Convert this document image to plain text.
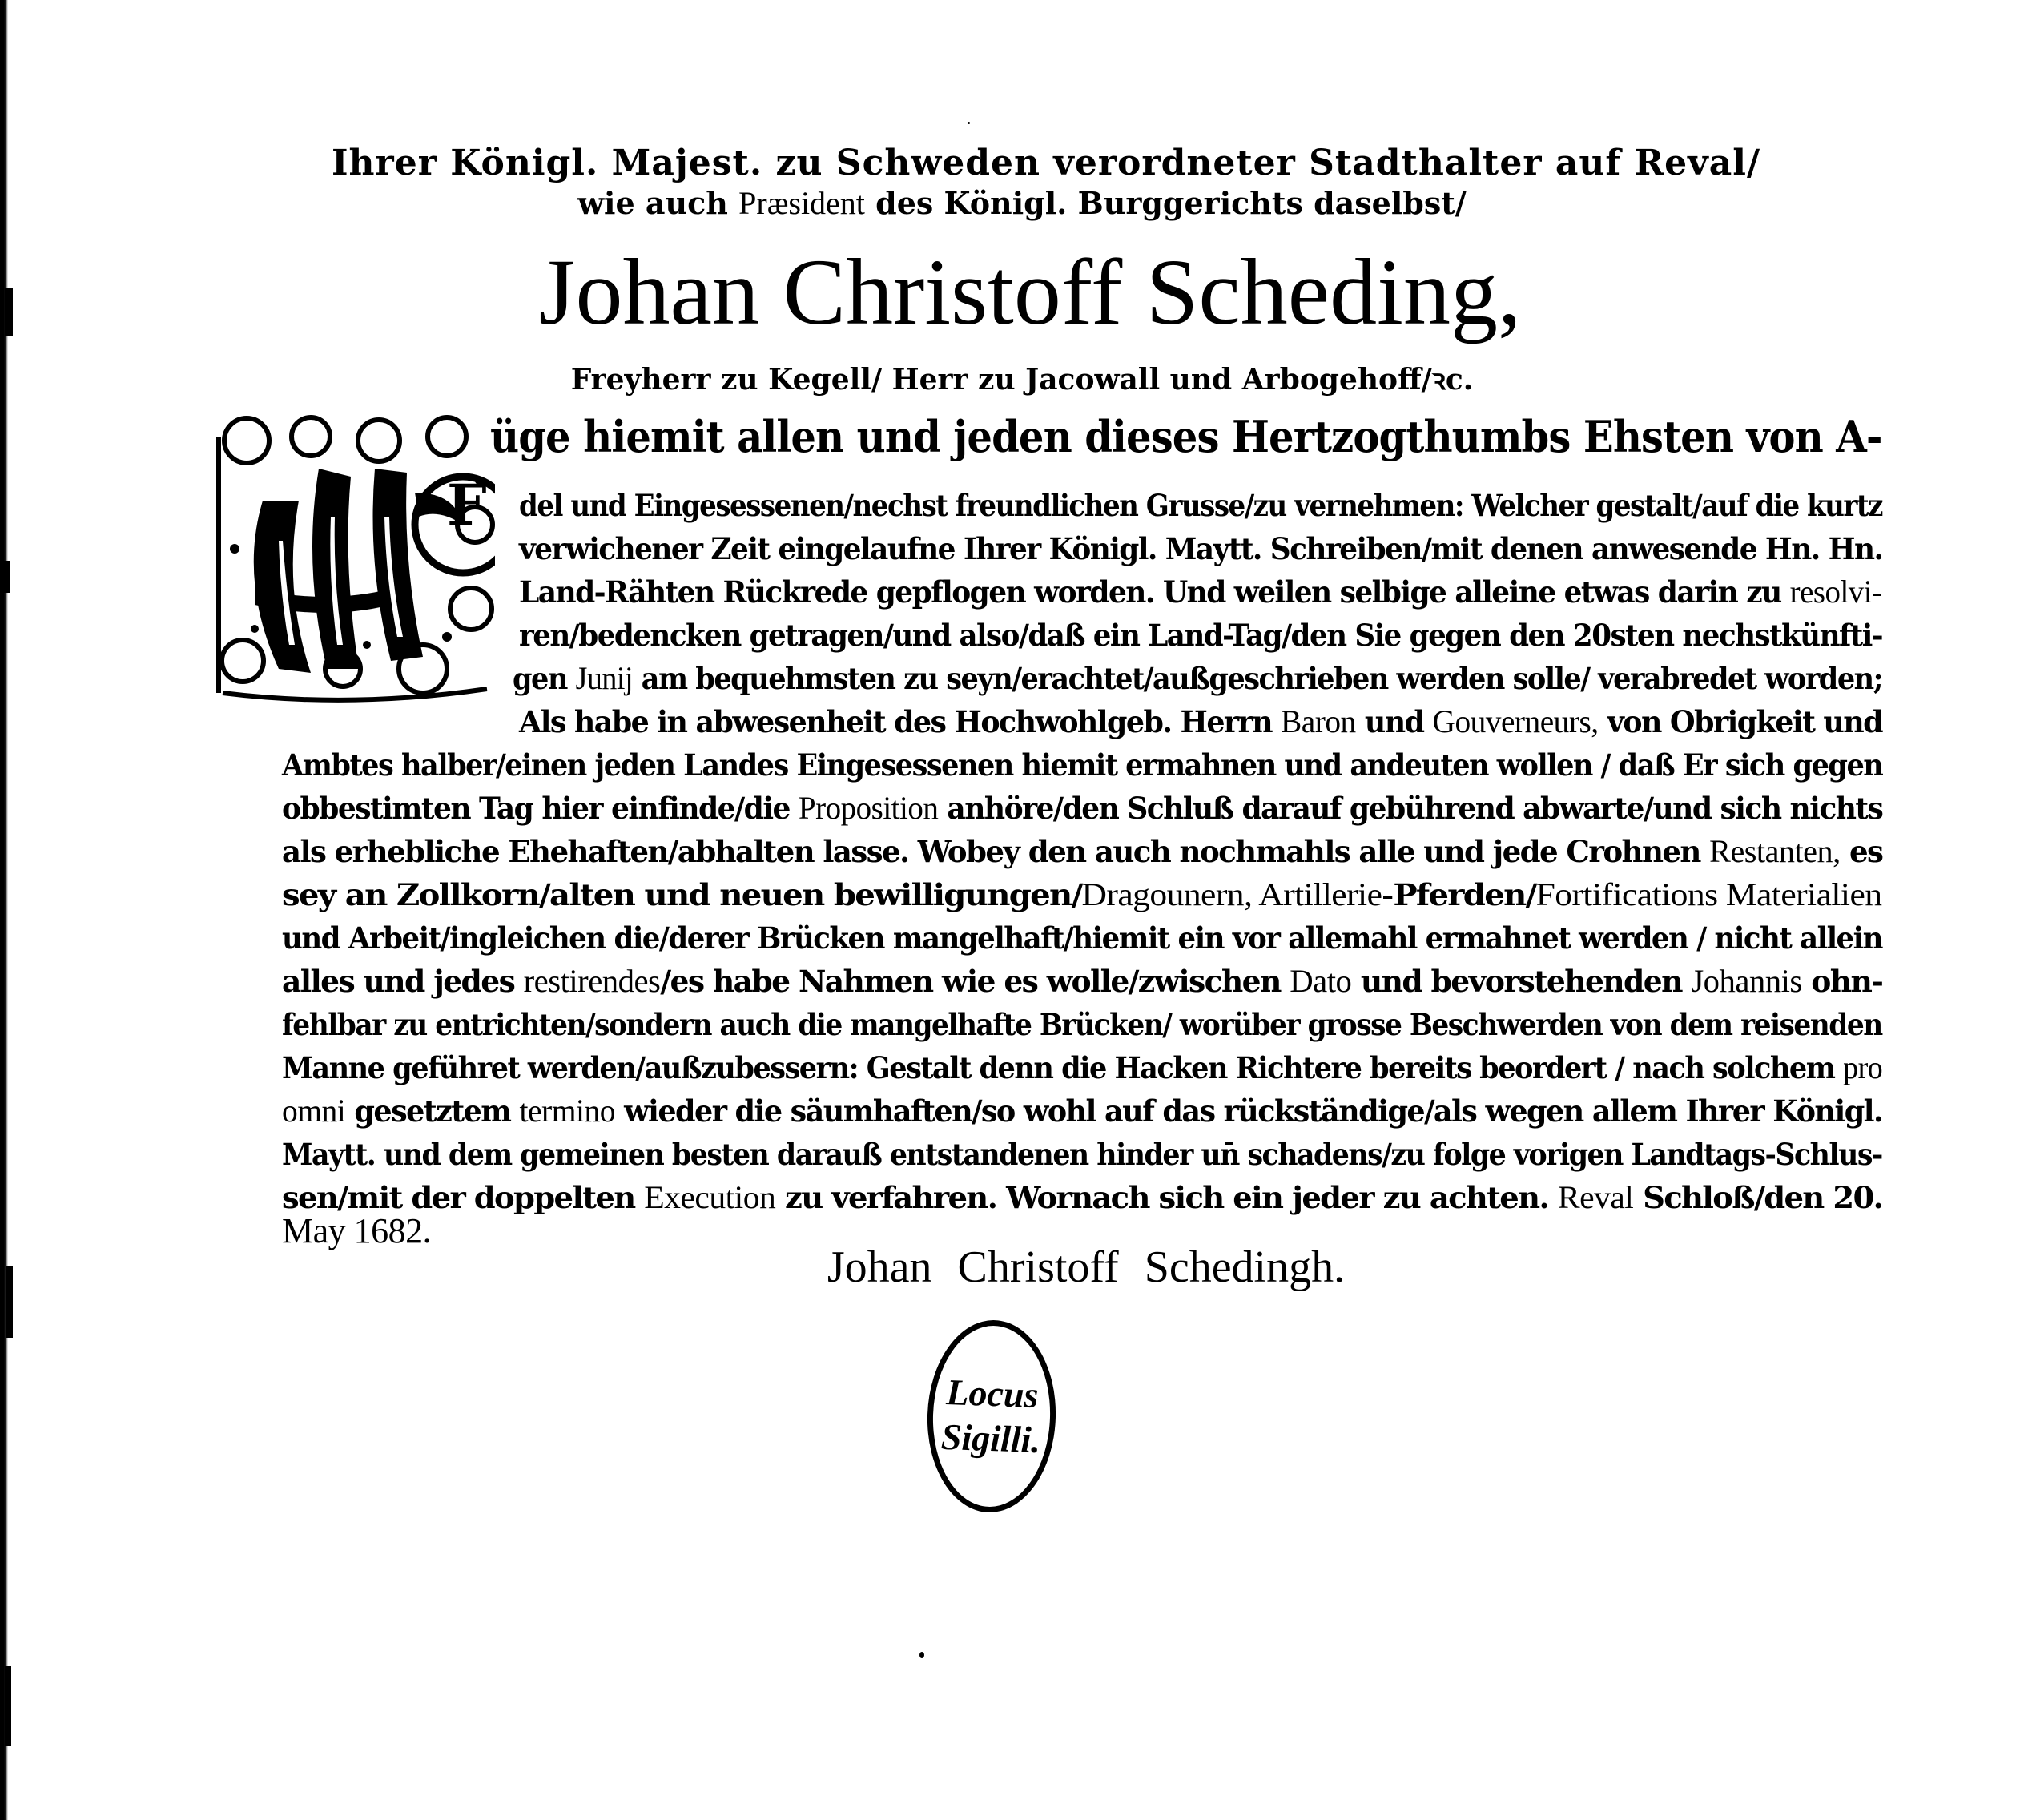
Ihrer Königl. Majest. zu Schweden verordneter Stadthalter auf Reval/
wie auch Præsident des Königl. Burggerichts daselbst/
Johan Christoff Scheding,
Freyherr zu Kegell/ Herr zu Jacowall und Arbogehoff/ꝛc.
F
üge hiemit allen und jeden dieses Hertzogthumbs Ehsten von A-
del und Eingesessenen/nechst freundlichen Grusse/zu vernehmen: Welcher gestalt/auf die kurtz
verwichener Zeit eingelaufne Ihrer Königl. Maytt. Schreiben/mit denen anwesende Hn. Hn.
Land-Rähten Rückrede gepflogen worden. Und weilen selbige alleine etwas darin zu resolvi-
ren/bedencken getragen/und also/daß ein Land-Tag/den Sie gegen den 20sten nechstkünfti-
gen Junij am bequehmsten zu seyn/erachtet/außgeschrieben werden solle/ verabredet worden;
Als habe in abwesenheit des Hochwohlgeb. Herrn Baron und Gouverneurs, von Obrigkeit und
Ambtes halber/einen jeden Landes Eingesessenen hiemit ermahnen und andeuten wollen / daß Er sich gegen
obbestimten Tag hier einfinde/die Proposition anhöre/den Schluß darauf gebührend abwarte/und sich nichts
als erhebliche Ehehaften/abhalten lasse. Wobey den auch nochmahls alle und jede Crohnen Restanten, es
sey an Zollkorn/alten und neuen bewilligungen/Dragounern, Artillerie-Pferden/Fortifications Materialien
und Arbeit/ingleichen die/derer Brücken mangelhaft/hiemit ein vor allemahl ermahnet werden / nicht allein
alles und jedes restirendes/es habe Nahmen wie es wolle/zwischen Dato und bevorstehenden Johannis ohn-
fehlbar zu entrichten/sondern auch die mangelhafte Brücken/ worüber grosse Beschwerden von dem reisenden
Manne geführet werden/außzubessern: Gestalt denn die Hacken Richtere bereits beordert / nach solchem pro
omni gesetztem termino wieder die säumhaften/so wohl auf das rückständige/als wegen allem Ihrer Königl.
Maytt. und dem gemeinen besten darauß entstandenen hinder un̄ schadens/zu folge vorigen Landtags-Schlus-
sen/mit der doppelten Execution zu verfahren. Wornach sich ein jeder zu achten. Reval Schloß/den 20.
May 1682.
Johan Christoff Schedingh.
Locus
Sigilli.
